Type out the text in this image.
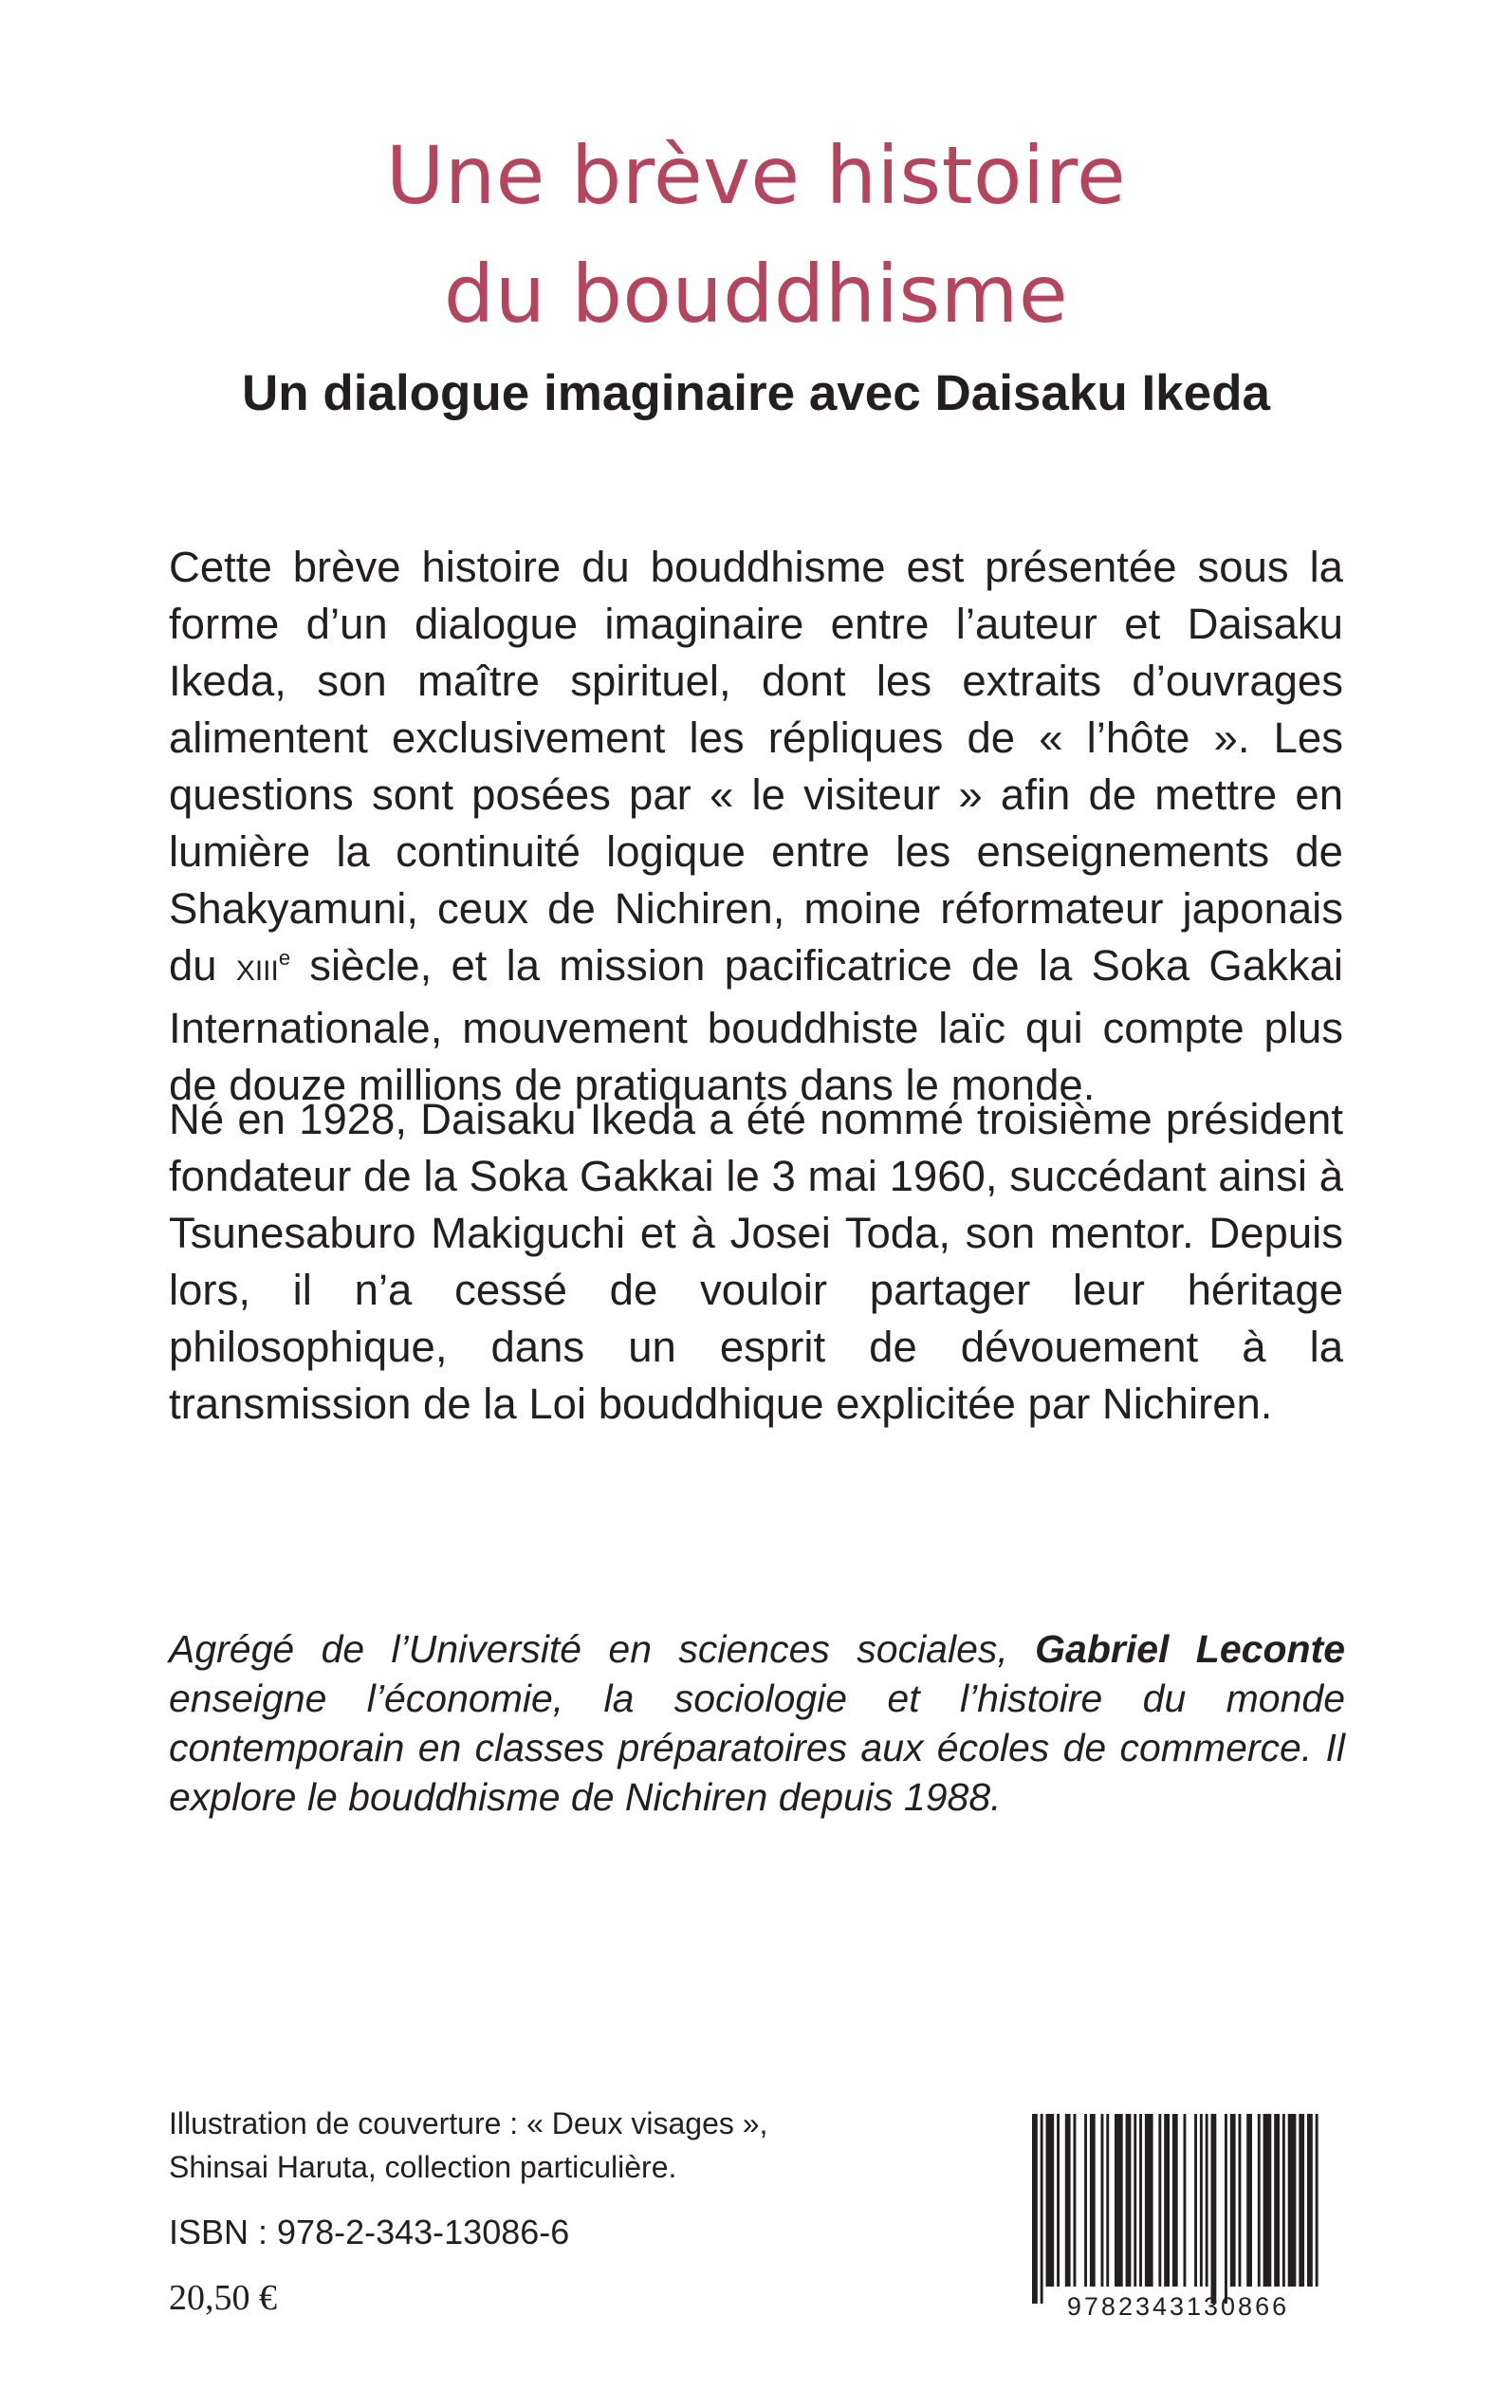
Une brève histoire
du bouddhisme
Un dialogue imaginaire avec Daisaku Ikeda

Cette brève histoire du bouddhisme est présentée sous la forme d’un dialogue imaginaire entre l’auteur et Daisaku Ikeda, son maître spirituel, dont les extraits d’ouvrages alimentent exclusivement les répliques de « l’hôte ». Les questions sont posées par « le visiteur » afin de mettre en lumière la continuité logique entre les enseignements de Shakyamuni, ceux de Nichiren, moine réformateur japonais du XIIIe siècle, et la mission pacificatrice de la Soka Gakkai Internationale, mouvement bouddhiste laïc qui compte plus de douze millions de pratiquants dans le monde.

Né en 1928, Daisaku Ikeda a été nommé troisième président fondateur de la Soka Gakkai le 3 mai 1960, succédant ainsi à Tsunesaburo Makiguchi et à Josei Toda, son mentor. Depuis lors, il n’a cessé de vouloir partager leur héritage philosophique, dans un esprit de dévouement à la transmission de la Loi bouddhique explicitée par Nichiren.

Agrégé de l’Université en sciences sociales, Gabriel Leconte enseigne l’économie, la sociologie et l’histoire du monde contemporain en classes préparatoires aux écoles de commerce. Il explore le bouddhisme de Nichiren depuis 1988.

Illustration de couverture : « Deux visages »,
Shinsai Haruta, collection particulière.

ISBN : 978-2-343-13086-6

20,50 €	9782343130866
